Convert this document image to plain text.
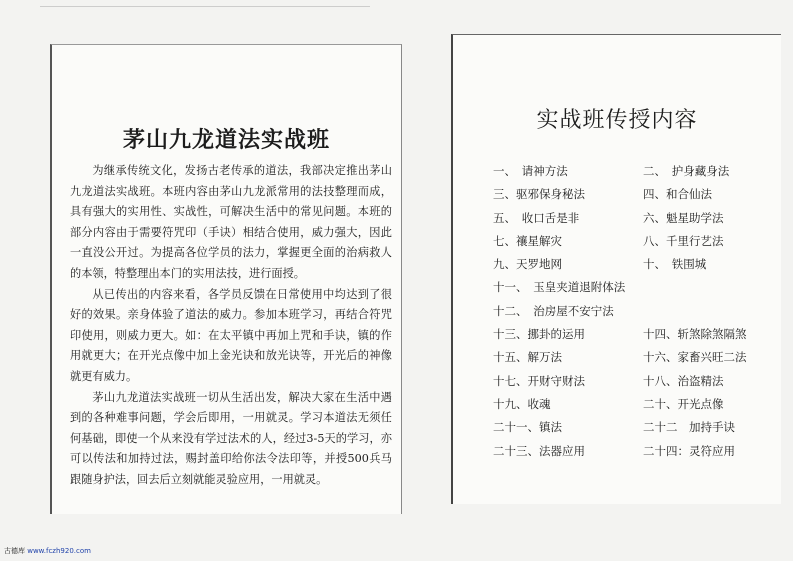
茅山九龙道法实战班

为继承传统文化，发扬古老传承的道法，我部决定推出茅山九龙道法实战班。本班内容由茅山九龙派常用的法技整理而成，具有强大的实用性、实战性，可解决生活中的常见问题。本班的部分内容由于需要符咒印（手诀）相结合使用，威力强大，因此一直没公开过。为提高各位学员的法力，掌握更全面的治病救人的本领，特整理出本门的实用法技，进行面授。

从已传出的内容来看，各学员反馈在日常使用中均达到了很好的效果。亲身体验了道法的威力。参加本班学习，再结合符咒印使用，则威力更大。如：在太平镇中再加上咒和手诀，镇的作用就更大；在开光点像中加上金光诀和放光诀等，开光后的神像就更有威力。

茅山九龙道法实战班一切从生活出发，解决大家在生活中遇到的各种难事问题，学会后即用，一用就灵。学习本道法无须任何基础，即使一个从来没有学过法术的人，经过3-5天的学习，亦可以传法和加持过法，赐封盖印给你法令法印等，并授500兵马跟随身护法，回去后立刻就能灵验应用，一用就灵。

实战班传授内容
一、　请神方法	二、　护身藏身法
三、驱邪保身秘法	四、和合仙法
五、　收口舌是非	六、魁星助学法
七、禳星解灾	八、千里行艺法
九、天罗地网	十、　铁围城
十一、　玉皇夹道退附体法
十二、　治房屋不安宁法
十三、挪卦的运用	十四、斩煞除煞隔煞
十五、解万法	十六、家畜兴旺二法
十七、开财守财法	十八、治盗精法
十九、收魂	二十、开光点像
二十一、镇法	二十二　加持手诀
二十三、法器应用	二十四：灵符应用
古德库 www.fczh920.com
